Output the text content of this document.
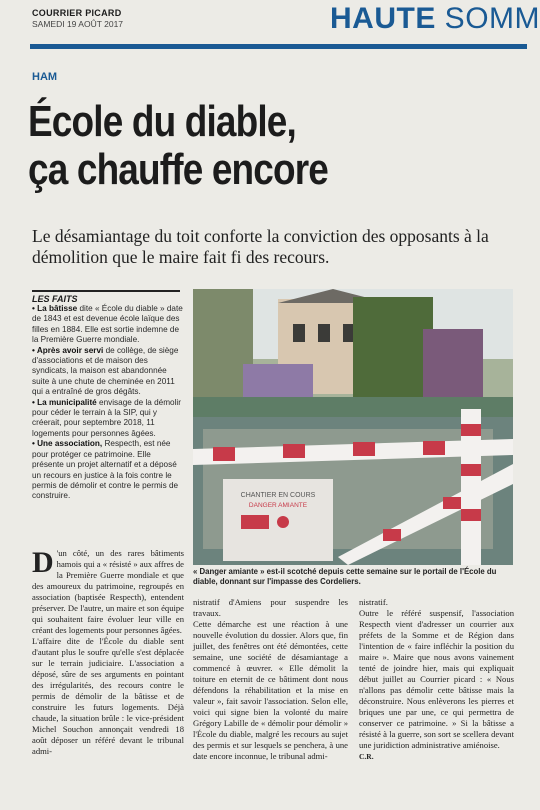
COURRIER PICARD
SAMEDI 19 AOÛT 2017	HAUTE SOMM
HAM
École du diable,
ça chauffe encore
Le désamiantage du toit conforte la conviction des opposants à la démolition que le maire fait fi des recours.
LES FAITS

• La bâtisse dite « École du diable » date de 1843 et est devenue école laïque des filles en 1884. Elle est sortie indemne de la Première Guerre mondiale.

• Après avoir servi de collège, de siège d'associations et de maison des syndicats, la maison est abandonnée suite à une chute de cheminée en 2011 qui a entraîné de gros dégâts.

• La municipalité envisage de la démolir pour céder le terrain à la SIP, qui y créerait, pour septembre 2018, 11 logements pour personnes âgées.

• Une association, Respecth, est née pour protéger ce patrimoine. Elle présente un projet alternatif et a déposé un recours en justice à la fois contre le permis de démolir et contre le permis de construire.	CHANTIER EN COURS
DANGER AMIANTE
« Danger amiante » est-il scotché depuis cette semaine sur le portail de l'École du diable, donnant sur l'impasse des Cordeliers.

D 'un côté, un des rares bâtiments hamois qui a « résisté » aux affres de la Première Guerre mondiale et que des amoureux du patrimoine, regroupés en association (baptisée Respecth), entendent préserver. De l'autre, un maire et son équipe qui souhaitent faire évoluer leur ville en créant des logements pour personnes âgées.

L'affaire dite de l'École du diable sent d'autant plus le soufre qu'elle s'est déplacée sur le terrain judiciaire. L'association a déposé, sûre de ses arguments en pointant des irrégularités, des recours contre le permis de démolir de la bâtisse et de construire les futurs logements. Déjà chaude, la situation brûle : le vice-président Michel Souchon annonçait vendredi 18 août déposer un référé devant le tribunal admi-

nistratif d'Amiens pour suspendre les travaux.

Cette démarche est une réaction à une nouvelle évolution du dossier. Alors que, fin juillet, des fenêtres ont été démontées, cette semaine, une société de désamiantage a commencé à œuvrer. « Elle démolit la toiture en eternit de ce bâtiment dont nous défendons la réhabilitation et la mise en valeur », fait savoir l'association. Selon elle, voici qui signe bien la volonté du maire Grégory Labille de « démolir pour démolir » l'École du diable, malgré les recours au sujet des permis et sur lesquels se penchera, à une date encore inconnue, le tribunal admi-

nistratif.

Outre le référé suspensif, l'association Respecth vient d'adresser un courrier aux préfets de la Somme et de Région dans l'intention de « faire infléchir la position du maire ». Maire que nous avons vainement tenté de joindre hier, mais qui expliquait début juillet au Courrier picard : « Nous n'allons pas démolir cette bâtisse mais la déconstruire. Nous enlèverons les pierres et briques une par une, ce qui permettra de conserver ce patrimoine. » Si la bâtisse a résisté à la guerre, son sort se scellera devant une juridiction administrative amiénoise.

C.R.
